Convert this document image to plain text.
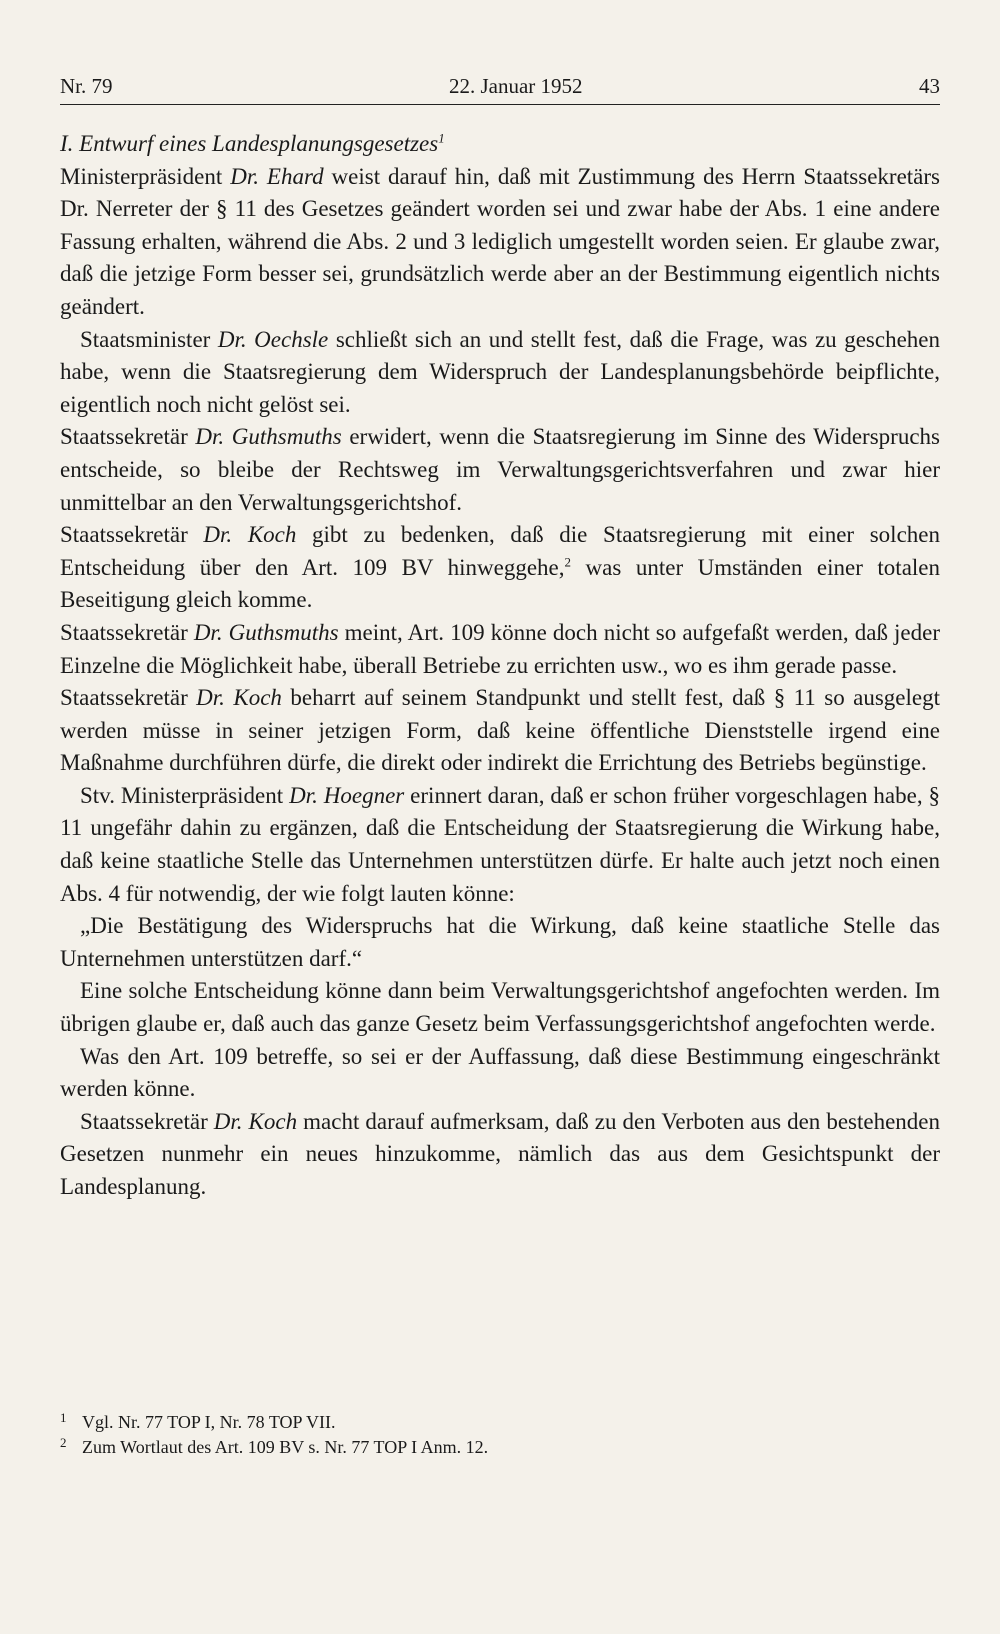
Nr. 79	22. Januar 1952	43

I. Entwurf eines Landesplanungsgesetzes$^1$

Ministerpräsident Dr. Ehard weist darauf hin, daß mit Zustimmung des Herrn Staatssekretärs Dr. Nerreter der § 11 des Gesetzes geändert worden sei und zwar habe der Abs. 1 eine andere Fassung erhalten, während die Abs. 2 und 3 lediglich umgestellt worden seien. Er glaube zwar, daß die jetzige Form besser sei, grundsätzlich werde aber an der Bestimmung eigentlich nichts geändert.

Staatsminister Dr. Oechsle schließt sich an und stellt fest, daß die Frage, was zu geschehen habe, wenn die Staatsregierung dem Widerspruch der Landesplanungsbehörde beipflichte, eigentlich noch nicht gelöst sei.

Staatssekretär Dr. Guthsmuths erwidert, wenn die Staatsregierung im Sinne des Widerspruchs entscheide, so bleibe der Rechtsweg im Verwaltungsgerichtsverfahren und zwar hier unmittelbar an den Verwaltungsgerichtshof.

Staatssekretär Dr. Koch gibt zu bedenken, daß die Staatsregierung mit einer solchen Entscheidung über den Art. 109 BV hinweggehe,$^2$ was unter Umständen einer totalen Beseitigung gleich komme.

Staatssekretär Dr. Guthsmuths meint, Art. 109 könne doch nicht so aufgefaßt werden, daß jeder Einzelne die Möglichkeit habe, überall Betriebe zu errichten usw., wo es ihm gerade passe.

Staatssekretär Dr. Koch beharrt auf seinem Standpunkt und stellt fest, daß § 11 so ausgelegt werden müsse in seiner jetzigen Form, daß keine öffentliche Dienststelle irgend eine Maßnahme durchführen dürfe, die direkt oder indirekt die Errichtung des Betriebs begünstige.

Stv. Ministerpräsident Dr. Hoegner erinnert daran, daß er schon früher vorgeschlagen habe, § 11 ungefähr dahin zu ergänzen, daß die Entscheidung der Staatsregierung die Wirkung habe, daß keine staatliche Stelle das Unternehmen unterstützen dürfe. Er halte auch jetzt noch einen Abs. 4 für notwendig, der wie folgt lauten könne:

„Die Bestätigung des Widerspruchs hat die Wirkung, daß keine staatliche Stelle das Unternehmen unterstützen darf.“

Eine solche Entscheidung könne dann beim Verwaltungsgerichtshof angefochten werden. Im übrigen glaube er, daß auch das ganze Gesetz beim Verfassungsgerichtshof angefochten werde.

Was den Art. 109 betreffe, so sei er der Auffassung, daß diese Bestimmung eingeschränkt werden könne.

Staatssekretär Dr. Koch macht darauf aufmerksam, daß zu den Verboten aus den bestehenden Gesetzen nunmehr ein neues hinzukomme, nämlich das aus dem Gesichtspunkt der Landesplanung.

1 Vgl. Nr. 77 TOP I, Nr. 78 TOP VII.
2 Zum Wortlaut des Art. 109 BV s. Nr. 77 TOP I Anm. 12.
